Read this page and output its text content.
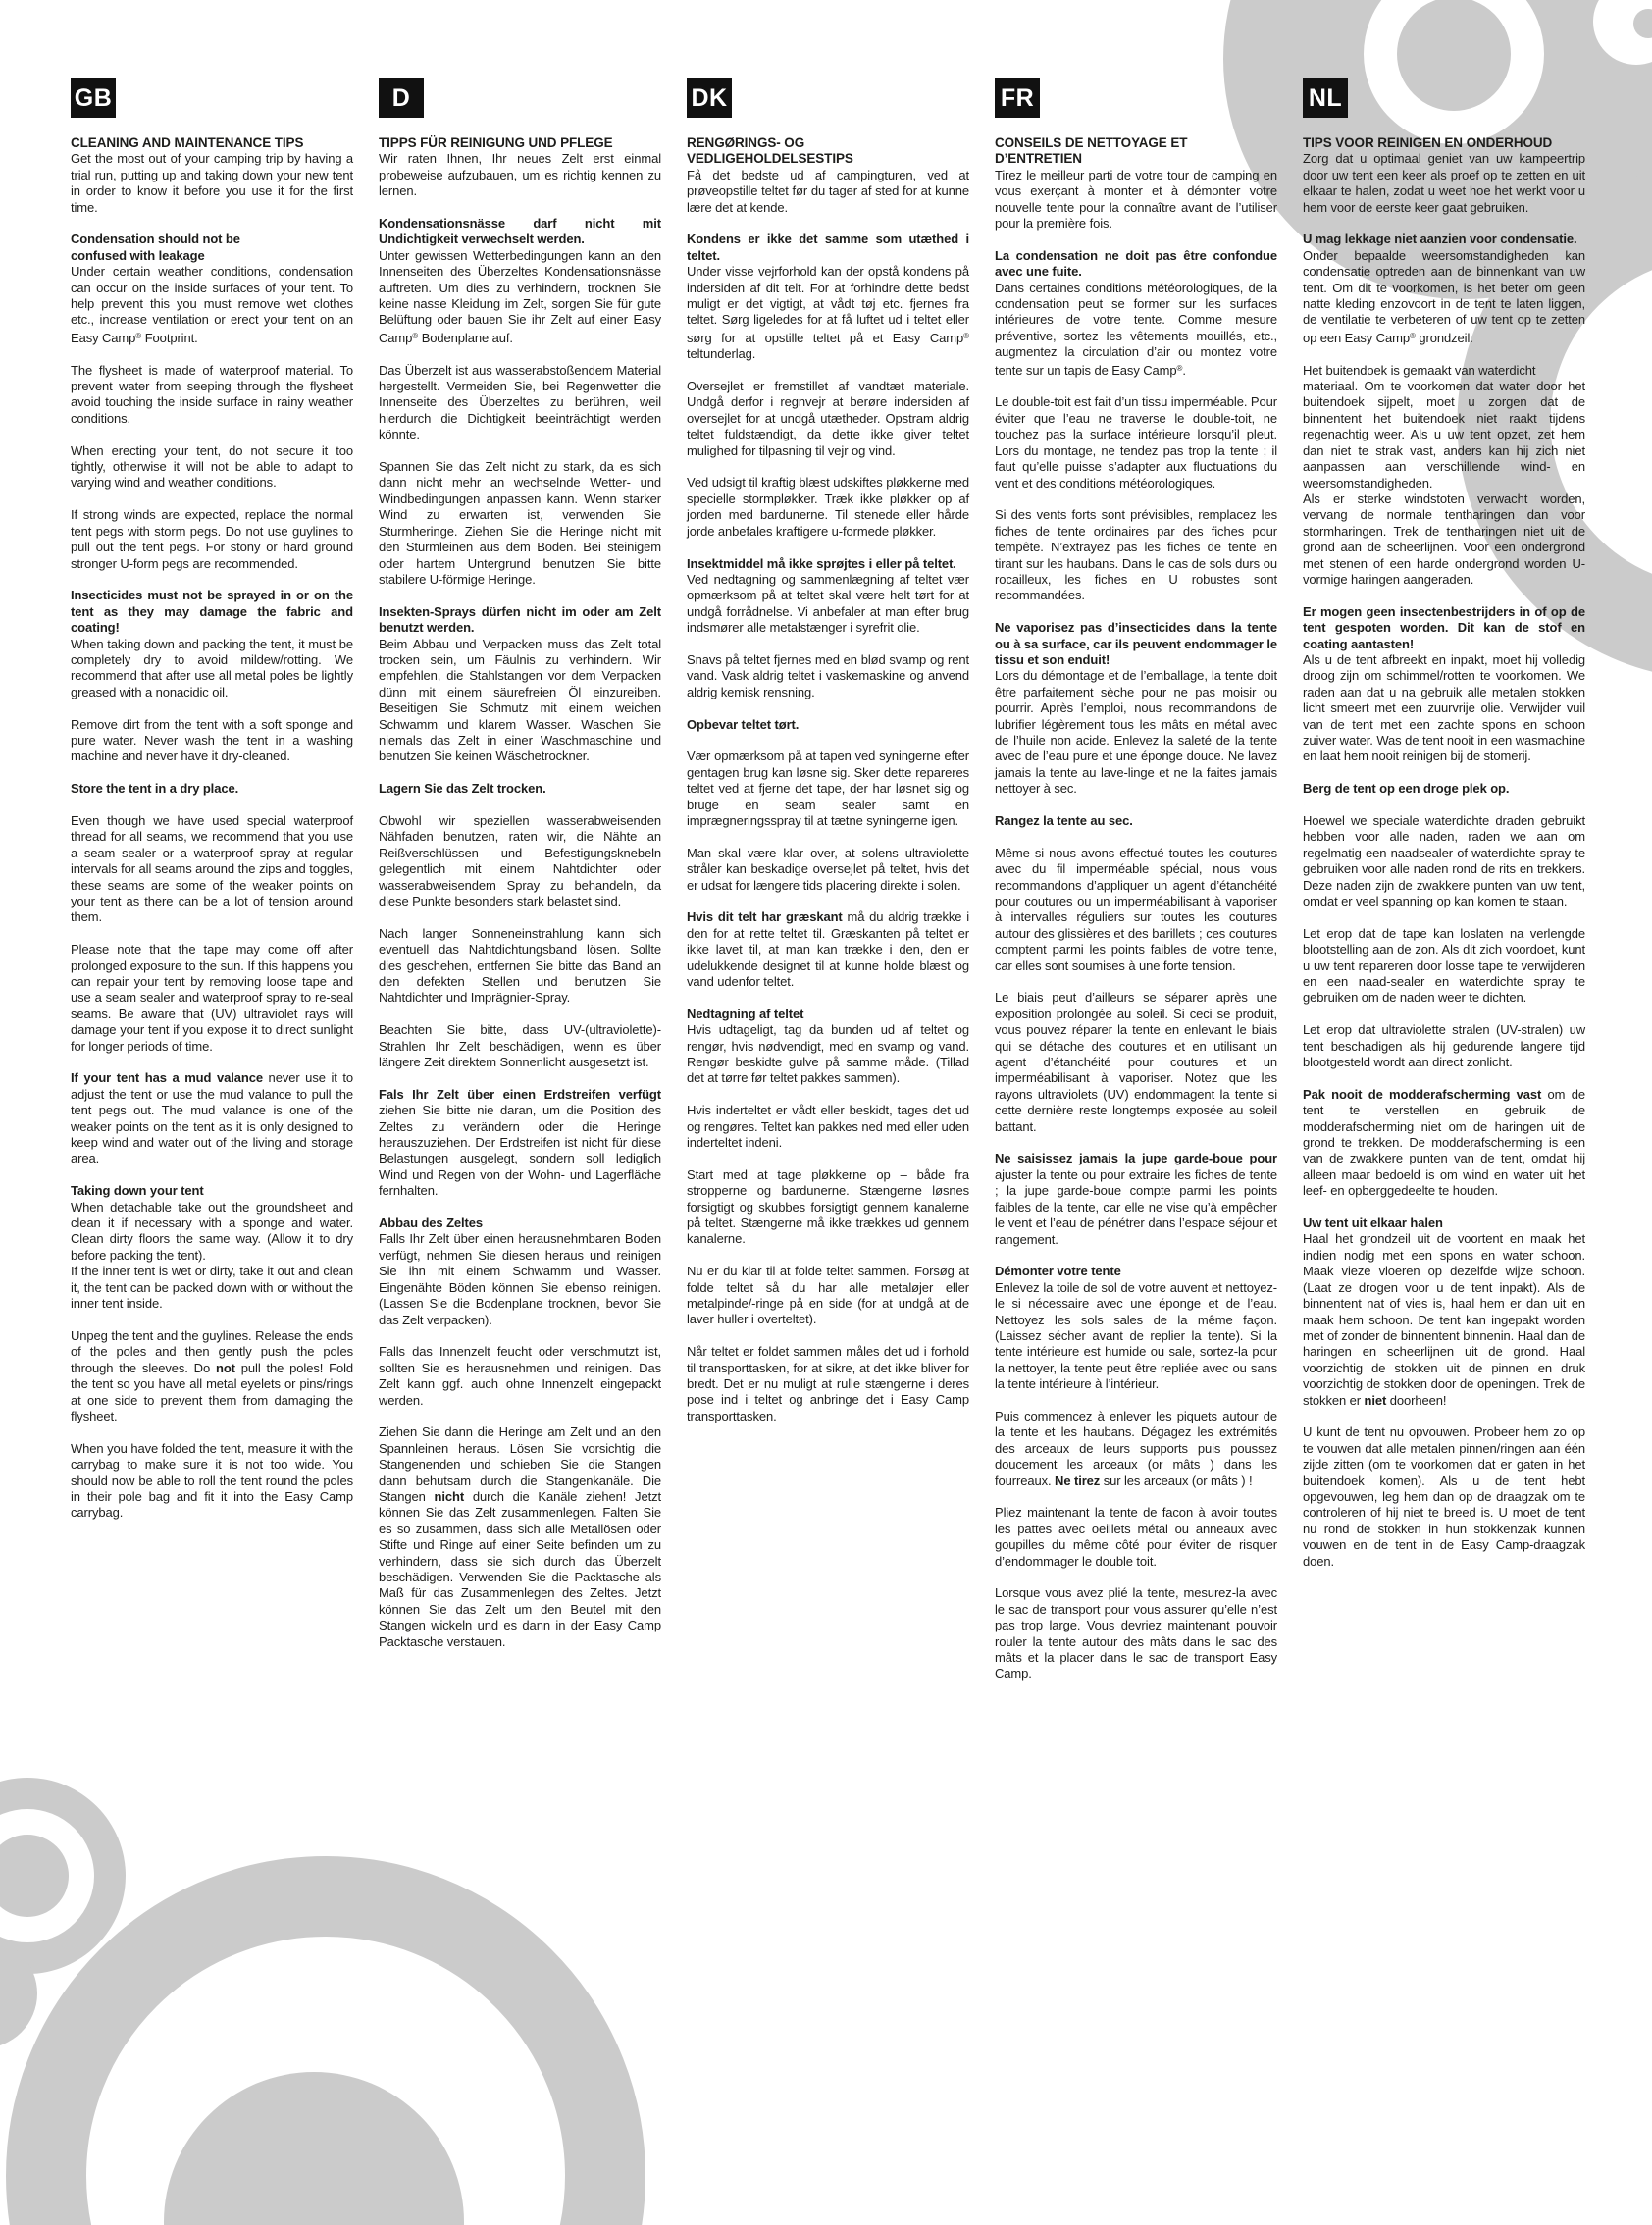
GB
CLEANING AND MAINTENANCE TIPS

Get the most out of your camping trip by having a trial run, putting up and taking down your new tent in order to know it before you use it for the first time.

Condensation should not be
confused with leakage

Under certain weather conditions, condensation can occur on the inside surfaces of your tent. To help prevent this you must remove wet clothes etc., increase ventilation or erect your tent on an Easy Camp® Footprint.

The flysheet is made of waterproof material. To prevent water from seeping through the flysheet avoid touching the inside surface in rainy weather conditions.

When erecting your tent, do not secure it too tightly, otherwise it will not be able to adapt to varying wind and weather conditions.

If strong winds are expected, replace the normal tent pegs with storm pegs. Do not use guylines to pull out the tent pegs. For stony or hard ground stronger U-form pegs are recommended.

Insecticides must not be sprayed in or on the tent as they may damage the fabric and coating!

When taking down and packing the tent, it must be completely dry to avoid mildew/rotting. We recommend that after use all metal poles be lightly greased with a nonacidic oil.

Remove dirt from the tent with a soft sponge and pure water. Never wash the tent in a washing machine and never have it dry-cleaned.

Store the tent in a dry place.

Even though we have used special waterproof thread for all seams, we recommend that you use a seam sealer or a waterproof spray at regular intervals for all seams around the zips and toggles, these seams are some of the weaker points on your tent as there can be a lot of tension around them.

Please note that the tape may come off after prolonged exposure to the sun. If this happens you can repair your tent by removing loose tape and use a seam sealer and waterproof spray to re-seal seams. Be aware that (UV) ultraviolet rays will damage your tent if you expose it to direct sunlight for longer periods of time.

If your tent has a mud valance never use it to adjust the tent or use the mud valance to pull the tent pegs out. The mud valance is one of the weaker points on the tent as it is only designed to keep wind and water out of the living and storage area.

Taking down your tent

When detachable take out the groundsheet and clean it if necessary with a sponge and water. Clean dirty floors the same way. (Allow it to dry before packing the tent).
If the inner tent is wet or dirty, take it out and clean it, the tent can be packed down with or without the inner tent inside.

Unpeg the tent and the guylines. Release the ends of the poles and then gently push the poles through the sleeves. Do not pull the poles! Fold the tent so you have all metal eyelets or pins/rings at one side to prevent them from damaging the flysheet.

When you have folded the tent, measure it with the carrybag to make sure it is not too wide. You should now be able to roll the tent round the poles in their pole bag and fit it into the Easy Camp carrybag.

D
TIPPS FÜR REINIGUNG UND PFLEGE

Wir raten Ihnen, Ihr neues Zelt erst einmal probeweise aufzubauen, um es richtig kennen zu lernen.

Kondensationsnässe darf nicht mit Undichtigkeit verwechselt werden.

Unter gewissen Wetterbedingungen kann an den Innenseiten des Überzeltes Kondensationsnässe auftreten. Um dies zu verhindern, trocknen Sie keine nasse Kleidung im Zelt, sorgen Sie für gute Belüftung oder bauen Sie ihr Zelt auf einer Easy Camp® Bodenplane auf.

Das Überzelt ist aus wasserabstoßendem Material hergestellt. Vermeiden Sie, bei Regenwetter die Innenseite des Überzeltes zu berühren, weil hierdurch die Dichtigkeit beeinträchtigt werden könnte.

Spannen Sie das Zelt nicht zu stark, da es sich dann nicht mehr an wechselnde Wetter- und Windbedingungen anpassen kann. Wenn starker Wind zu erwarten ist, verwenden Sie Sturmheringe. Ziehen Sie die Heringe nicht mit den Sturmleinen aus dem Boden. Bei steinigem oder hartem Untergrund benutzen Sie bitte stabilere U-förmige Heringe.

Insekten-Sprays dürfen nicht im oder am Zelt benutzt werden.

Beim Abbau und Verpacken muss das Zelt total trocken sein, um Fäulnis zu verhindern. Wir empfehlen, die Stahlstangen vor dem Verpacken dünn mit einem säurefreien Öl einzureiben. Beseitigen Sie Schmutz mit einem weichen Schwamm und klarem Wasser. Waschen Sie niemals das Zelt in einer Waschmaschine und benutzen Sie keinen Wäschetrockner.

Lagern Sie das Zelt trocken.

Obwohl wir speziellen wasserabweisenden Nähfaden benutzen, raten wir, die Nähte an Reißverschlüssen und Befestigungsknebeln gelegentlich mit einem Nahtdichter oder wasserabweisendem Spray zu behandeln, da diese Punkte besonders stark belastet sind.

Nach langer Sonneneinstrahlung kann sich eventuell das Nahtdichtungsband lösen. Sollte dies geschehen, entfernen Sie bitte das Band an den defekten Stellen und benutzen Sie Nahtdichter und Imprägnier-Spray.

Beachten Sie bitte, dass UV-(ultraviolette)-Strahlen Ihr Zelt beschädigen, wenn es über längere Zeit direktem Sonnenlicht ausgesetzt ist.

Fals Ihr Zelt über einen Erdstreifen verfügt ziehen Sie bitte nie daran, um die Position des Zeltes zu verändern oder die Heringe herauszuziehen. Der Erdstreifen ist nicht für diese Belastungen ausgelegt, sondern soll lediglich Wind und Regen von der Wohn- und Lagerfläche fernhalten.

Abbau des Zeltes

Falls Ihr Zelt über einen herausnehmbaren Boden verfügt, nehmen Sie diesen heraus und reinigen Sie ihn mit einem Schwamm und Wasser. Eingenähte Böden können Sie ebenso reinigen. (Lassen Sie die Bodenplane trocknen, bevor Sie das Zelt verpacken).

Falls das Innenzelt feucht oder verschmutzt ist, sollten Sie es herausnehmen und reinigen. Das Zelt kann ggf. auch ohne Innenzelt eingepackt werden.

Ziehen Sie dann die Heringe am Zelt und an den Spannleinen heraus. Lösen Sie vorsichtig die Stangenenden und schieben Sie die Stangen dann behutsam durch die Stangenkanäle. Die Stangen nicht durch die Kanäle ziehen! Jetzt können Sie das Zelt zusammenlegen. Falten Sie es so zusammen, dass sich alle Metallösen oder Stifte und Ringe auf einer Seite befinden um zu verhindern, dass sie sich durch das Überzelt beschädigen. Verwenden Sie die Packtasche als Maß für das Zusammenlegen des Zeltes. Jetzt können Sie das Zelt um den Beutel mit den Stangen wickeln und es dann in der Easy Camp Packtasche verstauen.

DK
RENGØRINGS- OG
VEDLIGEHOLDELSESTIPS

Få det bedste ud af campingturen, ved at prøveopstille teltet før du tager af sted for at kunne lære det at kende.

Kondens er ikke det samme som utæthed i teltet.

Under visse vejrforhold kan der opstå kondens på indersiden af dit telt. For at forhindre dette bedst muligt er det vigtigt, at vådt tøj etc. fjernes fra teltet. Sørg ligeledes for at få luftet ud i teltet eller sørg for at opstille teltet på et Easy Camp® teltunderlag.

Oversejlet er fremstillet af vandtæt materiale. Undgå derfor i regnvejr at berøre indersiden af oversejlet for at undgå utætheder. Opstram aldrig teltet fuldstændigt, da dette ikke giver teltet mulighed for tilpasning til vejr og vind.

Ved udsigt til kraftig blæst udskiftes pløkkerne med specielle stormpløkker. Træk ikke pløkker op af jorden med bardunerne. Til stenede eller hårde jorde anbefales kraftigere u-formede pløkker.

Insektmiddel må ikke sprøjtes i eller på teltet.

Ved nedtagning og sammenlægning af teltet vær opmærksom på at teltet skal være helt tørt for at undgå forrådnelse. Vi anbefaler at man efter brug indsmører alle metalstænger i syrefrit olie.

Snavs på teltet fjernes med en blød svamp og rent vand. Vask aldrig teltet i vaskemaskine og anvend aldrig kemisk rensning.

Opbevar teltet tørt.

Vær opmærksom på at tapen ved syningerne efter gentagen brug kan løsne sig. Sker dette repareres teltet ved at fjerne det tape, der har løsnet sig og bruge en seam sealer samt en imprægneringsspray til at tætne syningerne igen.

Man skal være klar over, at solens ultraviolette stråler kan beskadige oversejlet på teltet, hvis det er udsat for længere tids placering direkte i solen.

Hvis dit telt har græskant må du aldrig trække i den for at rette teltet til. Græskanten på teltet er ikke lavet til, at man kan trække i den, den er udelukkende designet til at kunne holde blæst og vand udenfor teltet.

Nedtagning af teltet

Hvis udtageligt, tag da bunden ud af teltet og rengør, hvis nødvendigt, med en svamp og vand. Rengør beskidte gulve på samme måde. (Tillad det at tørre før teltet pakkes sammen).

Hvis inderteltet er vådt eller beskidt, tages det ud og rengøres. Teltet kan pakkes ned med eller uden inderteltet indeni.

Start med at tage pløkkerne op – både fra stropperne og bardunerne. Stængerne løsnes forsigtigt og skubbes forsigtigt gennem kanalerne på teltet. Stængerne må ikke trækkes ud gennem kanalerne.

Nu er du klar til at folde teltet sammen. Forsøg at folde teltet så du har alle metaløjer eller metalpinde/-ringe på en side (for at undgå at de laver huller i overteltet).

Når teltet er foldet sammen måles det ud i forhold til transporttasken, for at sikre, at det ikke bliver for bredt. Det er nu muligt at rulle stængerne i deres pose ind i teltet og anbringe det i Easy Camp transporttasken.

FR
CONSEILS DE NETTOYAGE ET D’ENTRETIEN

Tirez le meilleur parti de votre tour de camping en vous exerçant à monter et à démonter votre nouvelle tente pour la connaître avant de l’utiliser pour la première fois.

La condensation ne doit pas être confondue avec une fuite.

Dans certaines conditions météorologiques, de la condensation peut se former sur les surfaces intérieures de votre tente. Comme mesure préventive, sortez les vêtements mouillés, etc., augmentez la circulation d’air ou montez votre tente sur un tapis de Easy Camp®.

Le double-toit est fait d’un tissu imperméable. Pour éviter que l’eau ne traverse le double-toit, ne touchez pas la surface intérieure lorsqu’il pleut. Lors du montage, ne tendez pas trop la tente ; il faut qu’elle puisse s’adapter aux fluctuations du vent et des conditions météorologiques.

Si des vents forts sont prévisibles, remplacez les fiches de tente ordinaires par des fiches pour tempête. N’extrayez pas les fiches de tente en tirant sur les haubans. Dans le cas de sols durs ou rocailleux, les fiches en U robustes sont recommandées.

Ne vaporisez pas d’insecticides dans la tente ou à sa surface, car ils peuvent endommager le tissu et son enduit!

Lors du démontage et de l’emballage, la tente doit être parfaitement sèche pour ne pas moisir ou pourrir. Après l’emploi, nous recommandons de lubrifier légèrement tous les mâts en métal avec de l’huile non acide. Enlevez la saleté de la tente avec de l’eau pure et une éponge douce. Ne lavez jamais la tente au lave-linge et ne la faites jamais nettoyer à sec.

Rangez la tente au sec.

Même si nous avons effectué toutes les coutures avec du fil imperméable spécial, nous vous recommandons d’appliquer un agent d’étanchéité pour coutures ou un imperméabilisant à vaporiser à intervalles réguliers sur toutes les coutures autour des glissières et des barillets ; ces coutures comptent parmi les points faibles de votre tente, car elles sont soumises à une forte tension.

Le biais peut d’ailleurs se séparer après une exposition prolongée au soleil. Si ceci se produit, vous pouvez réparer la tente en enlevant le biais qui se détache des coutures et en utilisant un agent d’étanchéité pour coutures et un imperméabilisant à vaporiser. Notez que les rayons ultraviolets (UV) endommagent la tente si cette dernière reste longtemps exposée au soleil battant.

Ne saisissez jamais la jupe garde-boue pour ajuster la tente ou pour extraire les fiches de tente ; la jupe garde-boue compte parmi les points faibles de la tente, car elle ne vise qu’à empêcher le vent et l’eau de pénétrer dans l’espace séjour et rangement.

Démonter votre tente

Enlevez la toile de sol de votre auvent et nettoyez-le si nécessaire avec une éponge et de l’eau. Nettoyez les sols sales de la même façon. (Laissez sécher avant de replier la tente). Si la tente intérieure est humide ou sale, sortez-la pour la nettoyer, la tente peut être repliée avec ou sans la tente intérieure à l’intérieur.

Puis commencez à enlever les piquets autour de la tente et les haubans. Dégagez les extrémités des arceaux de leurs supports puis poussez doucement les arceaux (or mâts ) dans les fourreaux. Ne tirez sur les arceaux (or mâts ) !

Pliez maintenant la tente de facon à avoir toutes les pattes avec oeillets métal ou anneaux avec goupilles du même côté pour éviter de risquer d’endommager le double toit.

Lorsque vous avez plié la tente, mesurez-la avec le sac de transport pour vous assurer qu’elle n’est pas trop large. Vous devriez maintenant pouvoir rouler la tente autour des mâts dans le sac des mâts et la placer dans le sac de transport Easy Camp.

NL
TIPS VOOR REINIGEN EN ONDERHOUD

Zorg dat u optimaal geniet van uw kampeertrip door uw tent een keer als proef op te zetten en uit elkaar te halen, zodat u weet hoe het werkt voor u hem voor de eerste keer gaat gebruiken.

U mag lekkage niet aanzien voor condensatie.

Onder bepaalde weersomstandigheden kan condensatie optreden aan de binnenkant van uw tent. Om dit te voorkomen, is het beter om geen natte kleding enzovoort in de tent te laten liggen, de ventilatie te verbeteren of uw tent op te zetten op een Easy Camp® grondzeil.

Het buitendoek is gemaakt van waterdicht
materiaal. Om te voorkomen dat water door het buitendoek sijpelt, moet u zorgen dat de binnentent het buitendoek niet raakt tijdens regenachtig weer. Als u uw tent opzet, zet hem dan niet te strak vast, anders kan hij zich niet aanpassen aan verschillende wind- en weersomstandigheden.
Als er sterke windstoten verwacht worden, vervang de normale tentharingen dan voor stormharingen. Trek de tentharingen niet uit de grond aan de scheerlijnen. Voor een ondergrond met stenen of een harde ondergrond worden U-vormige haringen aangeraden.

Er mogen geen insectenbestrijders in of op de tent gespoten worden. Dit kan de stof en coating aantasten!

Als u de tent afbreekt en inpakt, moet hij volledig droog zijn om schimmel/rotten te voorkomen. We raden aan dat u na gebruik alle metalen stokken licht smeert met een zuurvrije olie. Verwijder vuil van de tent met een zachte spons en schoon zuiver water. Was de tent nooit in een wasmachine en laat hem nooit reinigen bij de stomerij.

Berg de tent op een droge plek op.

Hoewel we speciale waterdichte draden gebruikt hebben voor alle naden, raden we aan om regelmatig een naadsealer of waterdichte spray te gebruiken voor alle naden rond de rits en trekkers. Deze naden zijn de zwakkere punten van uw tent, omdat er veel spanning op kan komen te staan.

Let erop dat de tape kan loslaten na verlengde blootstelling aan de zon. Als dit zich voordoet, kunt u uw tent repareren door losse tape te verwijderen en een naad-sealer en waterdichte spray te gebruiken om de naden weer te dichten.

Let erop dat ultraviolette stralen (UV-stralen) uw tent beschadigen als hij gedurende langere tijd blootgesteld wordt aan direct zonlicht.

Pak nooit de modderafscherming vast om de tent te verstellen en gebruik de modderafscherming niet om de haringen uit de grond te trekken. De modderafscherming is een van de zwakkere punten van de tent, omdat hij alleen maar bedoeld is om wind en water uit het leef- en opberggedeelte te houden.

Uw tent uit elkaar halen

Haal het grondzeil uit de voortent en maak het indien nodig met een spons en water schoon. Maak vieze vloeren op dezelfde wijze schoon. (Laat ze drogen voor u de tent inpakt). Als de binnentent nat of vies is, haal hem er dan uit en maak hem schoon. De tent kan ingepakt worden met of zonder de binnentent binnenin. Haal dan de haringen en scheerlijnen uit de grond. Haal voorzichtig de stokken uit de pinnen en druk voorzichtig de stokken door de openingen. Trek de stokken er niet doorheen!

U kunt de tent nu opvouwen. Probeer hem zo op te vouwen dat alle metalen pinnen/ringen aan één zijde zitten (om te voorkomen dat er gaten in het buitendoek komen). Als u de tent hebt opgevouwen, leg hem dan op de draagzak om te controleren of hij niet te breed is. U moet de tent nu rond de stokken in hun stokkenzak kunnen vouwen en de tent in de Easy Camp-draagzak doen.
